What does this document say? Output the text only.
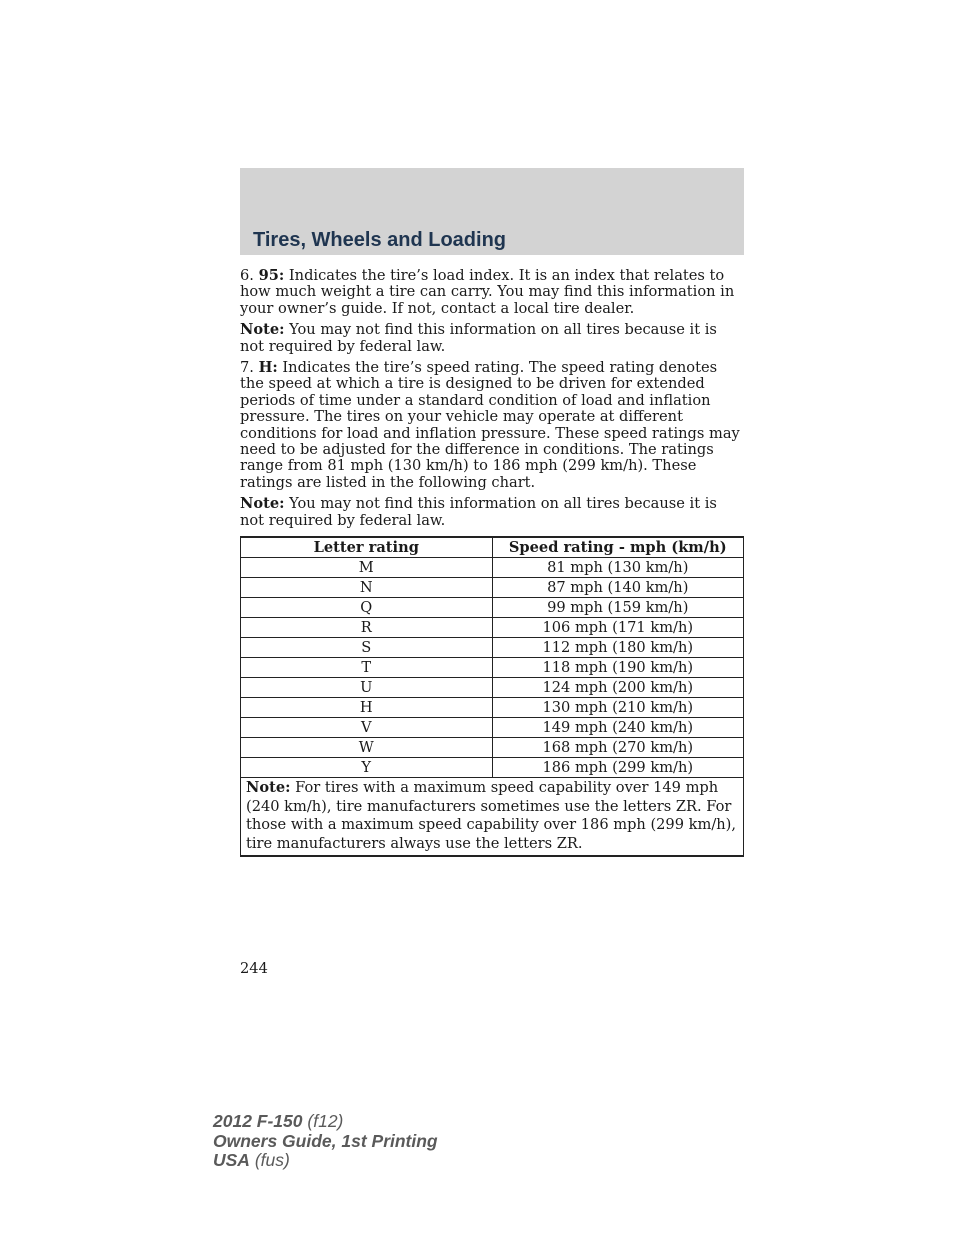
Tires, Wheels and Loading

6. 95: Indicates the tire’s load index. It is an index that relates to how much weight a tire can carry. You may find this information in your owner’s guide. If not, contact a local tire dealer.

Note: You may not find this information on all tires because it is not required by federal law.

7. H: Indicates the tire’s speed rating. The speed rating denotes the speed at which a tire is designed to be driven for extended periods of time under a standard condition of load and inflation pressure. The tires on your vehicle may operate at different conditions for load and inflation pressure. These speed ratings may need to be adjusted for the difference in conditions. The ratings range from 81 mph (130 km/h) to 186 mph (299 km/h). These ratings are listed in the following chart.

Note: You may not find this information on all tires because it is not required by federal law.

Letter rating	Speed rating - mph (km/h)
M	81 mph (130 km/h)
N	87 mph (140 km/h)
Q	99 mph (159 km/h)
R	106 mph (171 km/h)
S	112 mph (180 km/h)
T	118 mph (190 km/h)
U	124 mph (200 km/h)
H	130 mph (210 km/h)
V	149 mph (240 km/h)
W	168 mph (270 km/h)
Y	186 mph (299 km/h)
Note: For tires with a maximum speed capability over 149 mph (240 km/h), tire manufacturers sometimes use the letters ZR. For those with a maximum speed capability over 186 mph (299 km/h), tire manufacturers always use the letters ZR.	
244
2012 F-150 (f12)
Owners Guide, 1st Printing
USA (fus)
